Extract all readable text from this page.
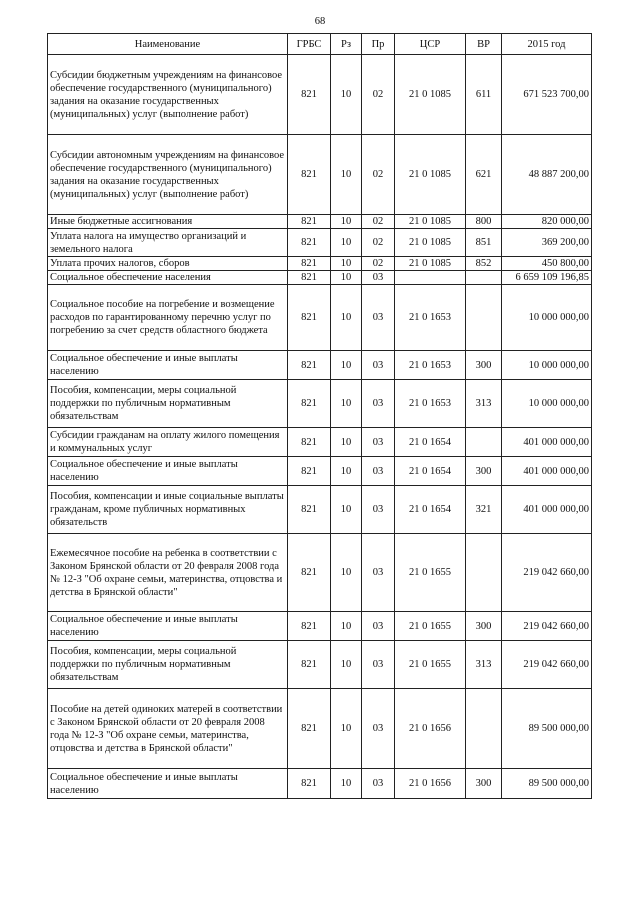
68
Наименование	ГРБС	Рз	Пр	ЦСР	ВР	2015 год
Субсидии бюджетным учреждениям на финансовое обеспечение государственного (муниципального) задания на оказание государственных (муниципальных) услуг (выполнение работ)	821	10	02	21 0 1085	611	671 523 700,00
Субсидии автономным учреждениям на финансовое обеспечение государственного (муниципального) задания на оказание государственных (муниципальных) услуг (выполнение работ)	821	10	02	21 0 1085	621	48 887 200,00
Иные бюджетные ассигнования	821	10	02	21 0 1085	800	820 000,00
Уплата налога на имущество организаций и земельного налога	821	10	02	21 0 1085	851	369 200,00
Уплата прочих налогов, сборов	821	10	02	21 0 1085	852	450 800,00
Социальное обеспечение населения	821	10	03			6 659 109 196,85
Социальное пособие на погребение и возмещение расходов по гарантированному перечню услуг по погребению за счет средств областного бюджета	821	10	03	21 0 1653		10 000 000,00
Социальное обеспечение и иные выплаты населению	821	10	03	21 0 1653	300	10 000 000,00
Пособия, компенсации, меры социальной поддержки по публичным нормативным обязательствам	821	10	03	21 0 1653	313	10 000 000,00
Субсидии гражданам на оплату жилого помещения и коммунальных услуг	821	10	03	21 0 1654		401 000 000,00
Социальное обеспечение и иные выплаты населению	821	10	03	21 0 1654	300	401 000 000,00
Пособия, компенсации и иные социальные выплаты гражданам, кроме публичных нормативных обязательств	821	10	03	21 0 1654	321	401 000 000,00
Ежемесячное пособие на ребенка в соответствии с Законом Брянской области от 20 февраля 2008 года № 12-З "Об охране семьи, материнства, отцовства и детства в Брянской области"	821	10	03	21 0 1655		219 042 660,00
Социальное обеспечение и иные выплаты населению	821	10	03	21 0 1655	300	219 042 660,00
Пособия, компенсации, меры социальной поддержки по публичным нормативным обязательствам	821	10	03	21 0 1655	313	219 042 660,00
Пособие на детей одиноких матерей в соответствии с Законом Брянской области от 20 февраля 2008 года № 12-З "Об охране семьи, материнства, отцовства и детства в Брянской области"	821	10	03	21 0 1656		89 500 000,00
Социальное обеспечение и иные выплаты населению	821	10	03	21 0 1656	300	89 500 000,00
